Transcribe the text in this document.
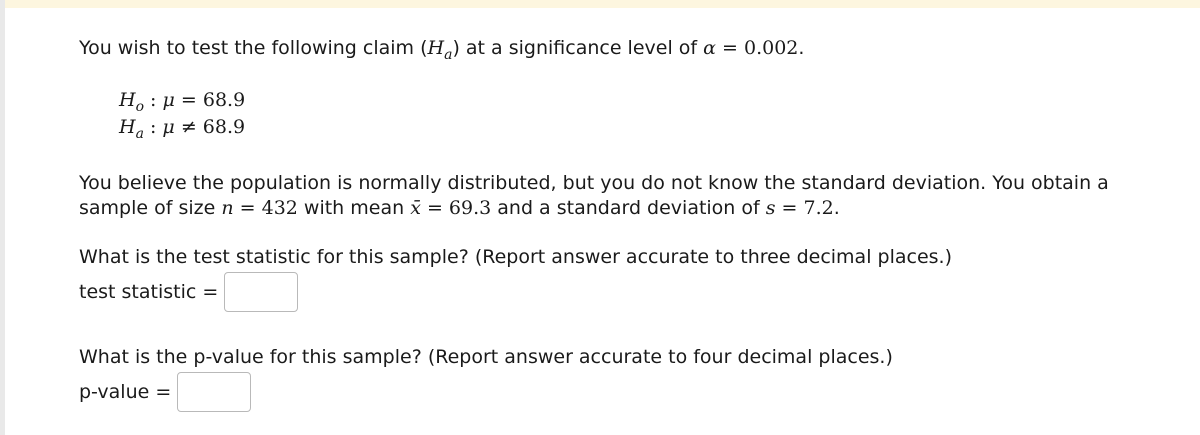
You wish to test the following claim $(H_a)$ at a significance level of α = 0.002.

$H_o$ : μ = 68.9
$H_a$ : μ ≠ 68.9

You believe the population is normally distributed, but you do not know the standard deviation. You obtain a sample of size n = 432 with mean x̄ = 69.3 and a standard deviation of s = 7.2.

What is the test statistic for this sample? (Report answer accurate to three decimal places.)

test statistic =

What is the p-value for this sample? (Report answer accurate to four decimal places.)

p-value =
